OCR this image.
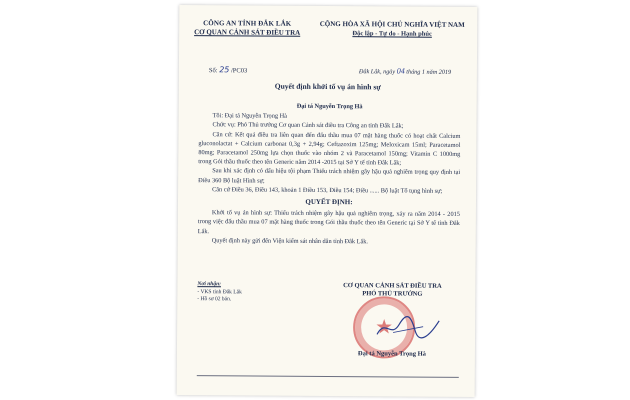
CÔNG AN TỈNH ĐẮK LẮK
CƠ QUAN CẢNH SÁT ĐIỀU TRA
CỘNG HÒA XÃ HỘI CHỦ NGHĨA VIỆT NAM
Độc lập - Tự do - Hạnh phúc
Số: 25 /PC03	Đắk Lắk, ngày 04 tháng 1 năm 2019
Quyết định khởi tố vụ án hình sự

Đại tá Nguyễn Trọng Hà

Tôi: Đại tá Nguyễn Trọng Hà

Chức vụ: Phó Thủ trưởng Cơ quan Cảnh sát điều tra Công an tỉnh Đắk Lắk;

Căn cứ: Kết quả điều tra liên quan đến đấu thầu mua 07 mặt hàng thuốc có hoạt chất Calcium gluconolactat + Calcium carbonat 0,3g + 2,94g; Ceftazoxim 125mg; Meloxicam 15ml; Paracetamol 80mg; Paracetamol 250mg lựa chọn thuốc vào nhóm 2 và Paracetamol 150mg; Vitamin C 1000mg trong Gói thầu thuốc theo tên Generic năm 2014 -2015 tại Sở Y tế tỉnh Đắk Lắk;

Sau khi xác định có dấu hiệu tội phạm Thiếu trách nhiệm gây hậu quả nghiêm trọng quy định tại Điều 360 Bộ luật Hình sự;

Căn cứ Điều 36, Điều 143, khoản 1 Điều 153, Điều 154; Điều ...... Bộ luật Tố tụng hình sự;

QUYẾT ĐỊNH:

Khởi tố vụ án hình sự: Thiếu trách nhiệm gây hậu quả nghiêm trọng, xảy ra năm 2014 - 2015 trong việc đấu thầu mua 07 mặt hàng thuốc trong Gói thầu thuốc theo tên Generic tại Sở Y tế tỉnh Đắk Lắk.

Quyết định này gửi đến Viện kiểm sát nhân dân tỉnh Đắk Lắk.

Nơi nhận:
- VKS tỉnh Đắk Lắk
- Hồ sơ 02 bản.
★
CƠ QUAN CẢNH SÁT ĐIỀU TRA
PHÓ THỦ TRƯỞNG
Đại tá Nguyễn Trọng Hà
